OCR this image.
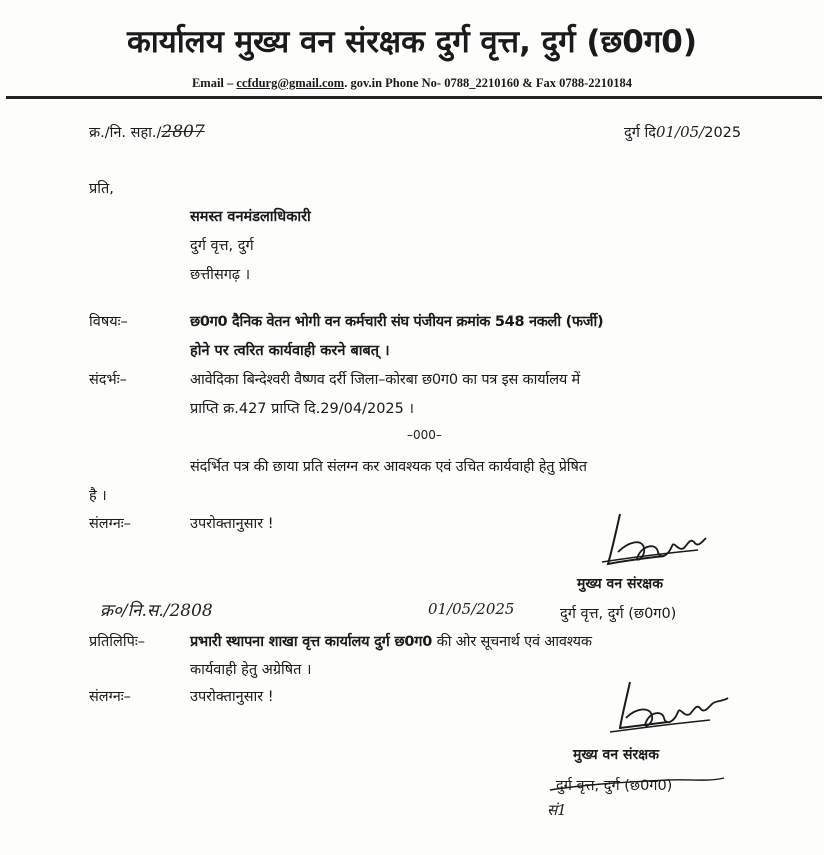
कार्यालय मुख्य वन संरक्षक दुर्ग वृत्त, दुर्ग (छ0ग0)
Email – ccfdurg@gmail.com. gov.in Phone No- 0788_2210160 & Fax 0788-2210184
क्र./नि. सहा./2807	दुर्ग दि01/05/2025
प्रति,
समस्त वनमंडलाधिकारी
दुर्ग वृत्त, दुर्ग
छत्तीसगढ़ ।
विषयः–	छ0ग0 दैनिक वेतन भोगी वन कर्मचारी संघ पंजीयन क्रमांक 548 नकली (फर्जी)
होने पर त्वरित कार्यवाही करने बाबत् ।
संदर्भः–	आवेदिका बिन्देश्वरी वैष्णव दर्री जिला–कोरबा छ0ग0 का पत्र इस कार्यालय में
प्राप्ति क्र.427 प्राप्ति दि.29/04/2025 ।
–000–
संदर्भित पत्र की छाया प्रति संलग्न कर आवश्यक एवं उचित कार्यवाही हेतु प्रेषित
है ।
संलग्नः–	उपरोक्तानुसार !
मुख्य वन संरक्षक
दुर्ग वृत्त, दुर्ग (छ0ग0)
क्र०/नि.स./2808	01/05/2025
प्रतिलिपिः–	प्रभारी स्थापना शाखा वृत्त कार्यालय दुर्ग छ0ग0 की ओर सूचनार्थ एवं आवश्यक
कार्यवाही हेतु अग्रेषित ।
संलग्नः–	उपरोक्तानुसार !
मुख्य वन संरक्षक
दुर्ग वृत्त, दुर्ग (छ0ग0)
सं1
